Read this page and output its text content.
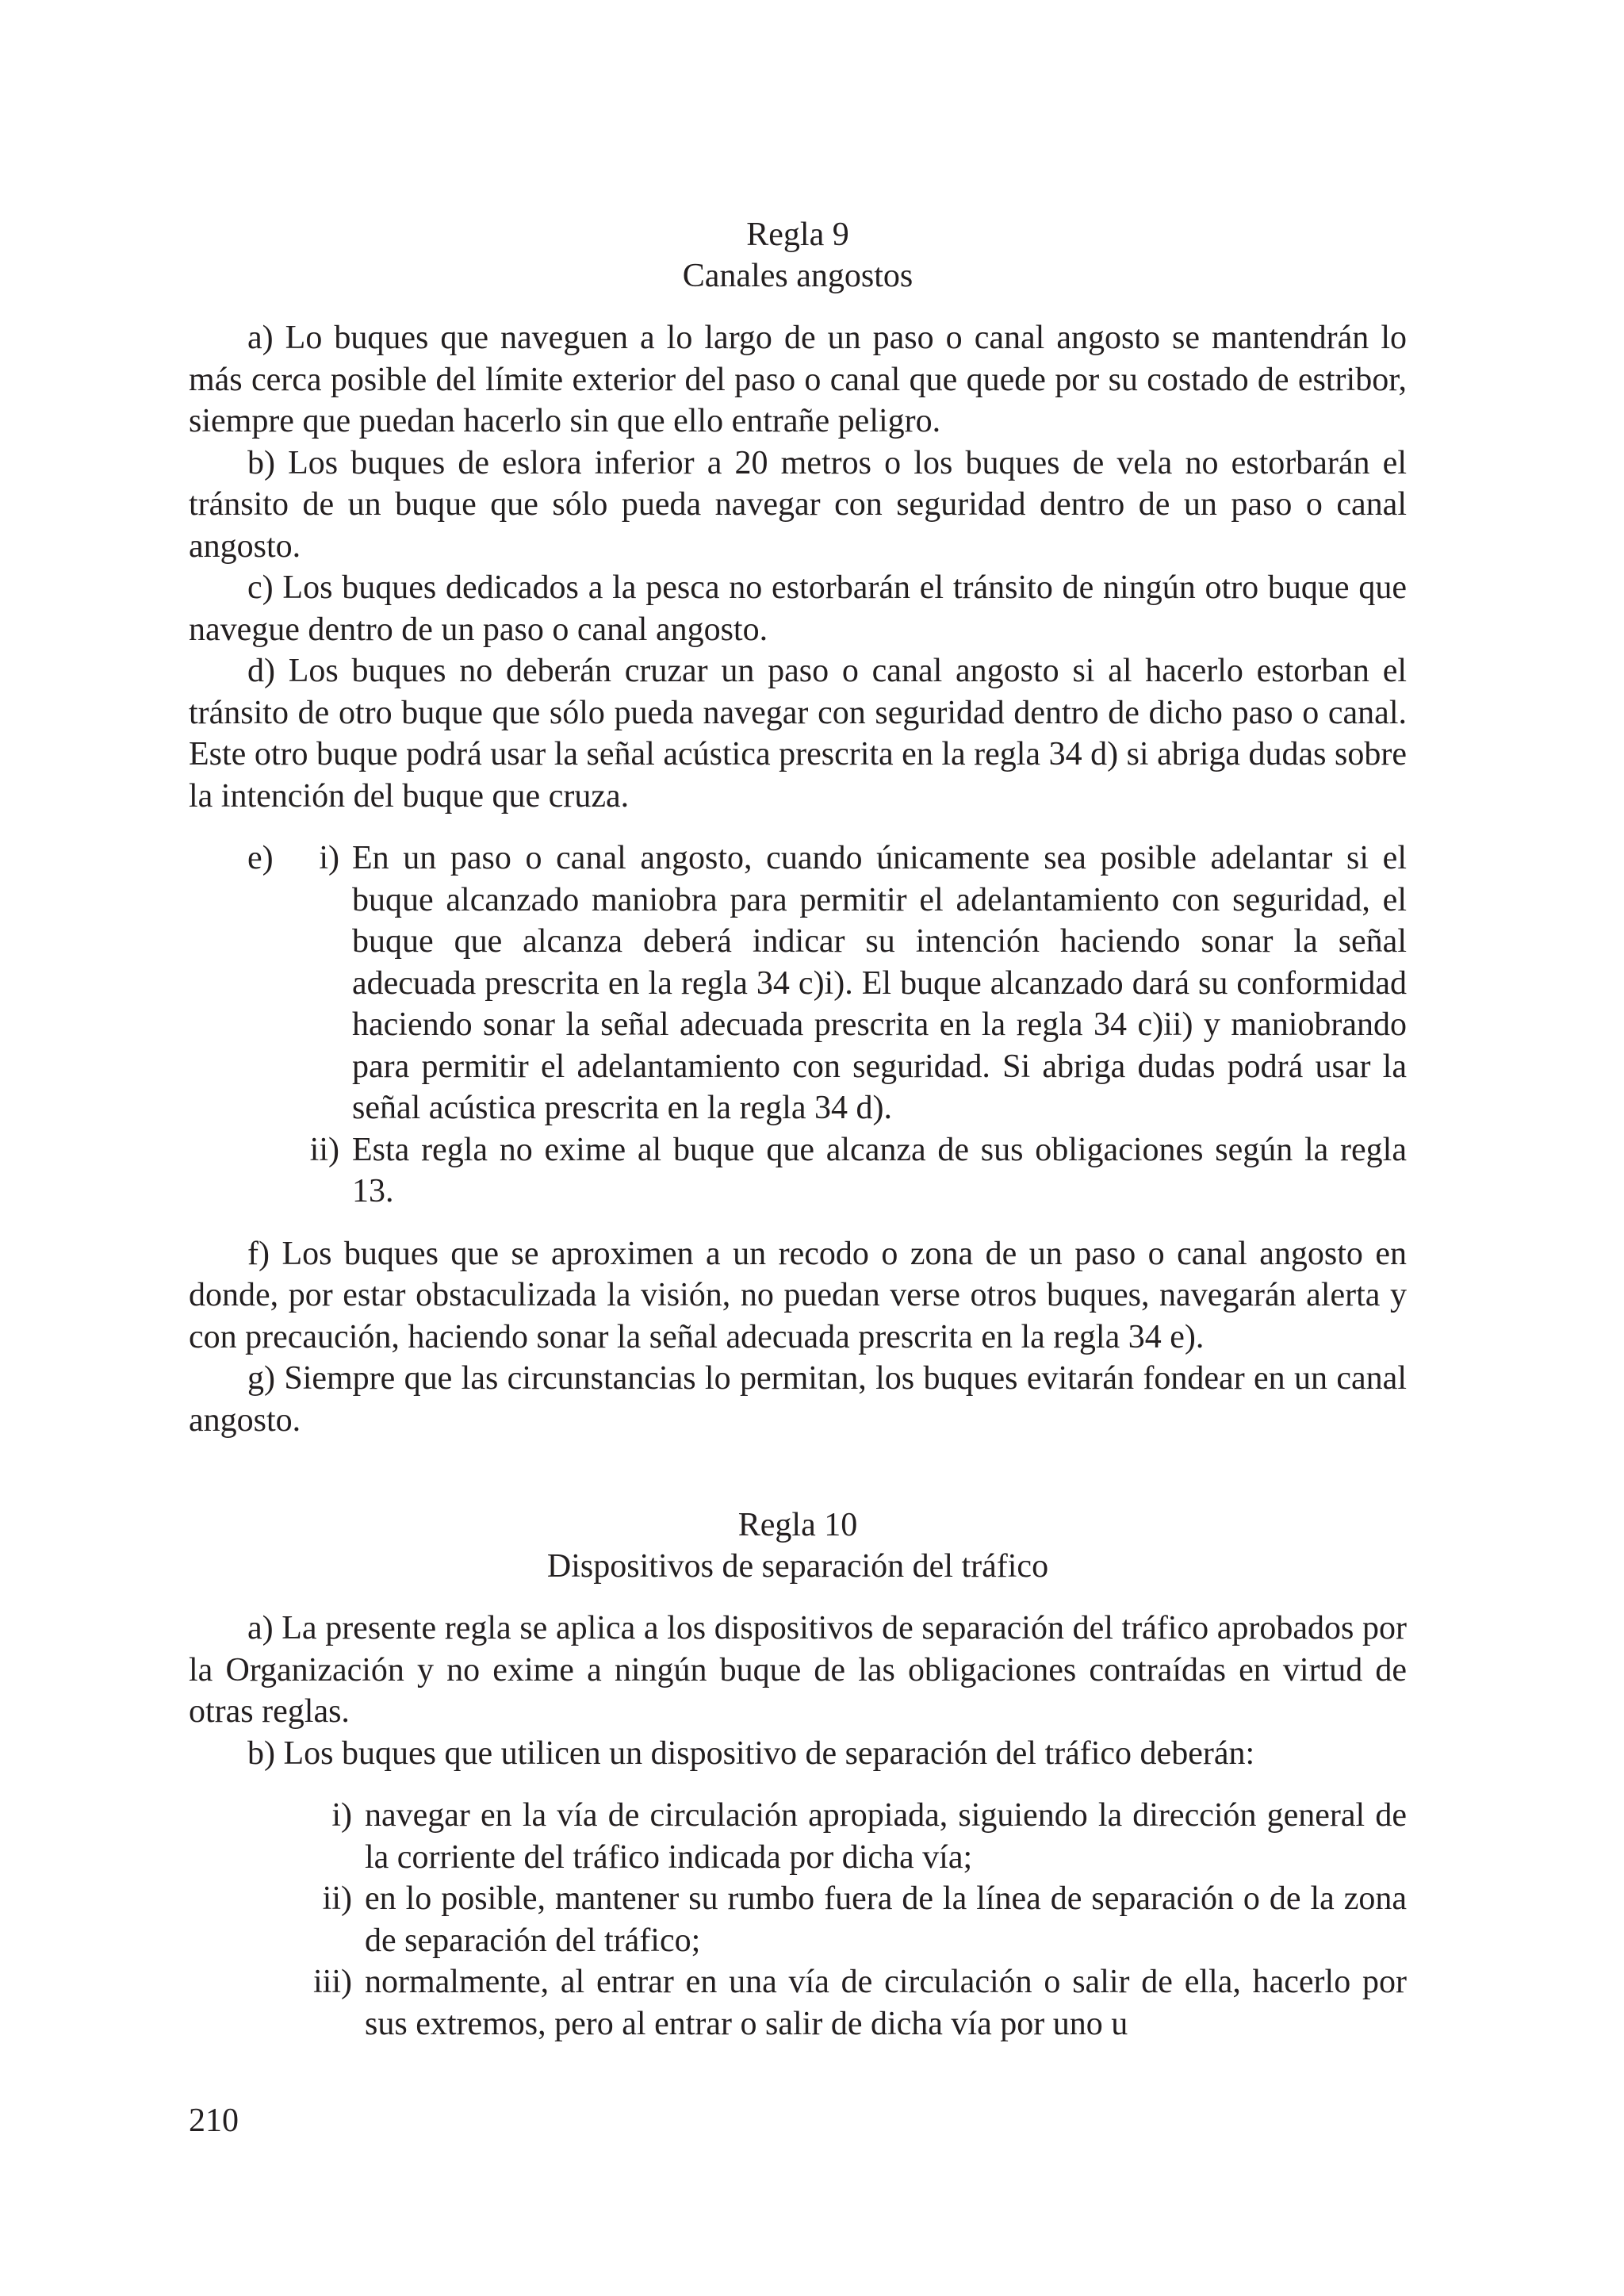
Regla 9
Canales angostos

a) Lo buques que naveguen a lo largo de un paso o canal angosto se mantendrán lo más cerca posible del límite exterior del paso o canal que quede por su costado de estribor, siempre que puedan hacerlo sin que ello entrañe peligro.

b) Los buques de eslora inferior a 20 metros o los buques de vela no estorbarán el tránsito de un buque que sólo pueda navegar con seguridad dentro de un paso o canal angosto.

c) Los buques dedicados a la pesca no estorbarán el tránsito de ningún otro buque que navegue dentro de un paso o canal angosto.

d) Los buques no deberán cruzar un paso o canal angosto si al hacerlo estorban el tránsito de otro buque que sólo pueda navegar con seguridad dentro de dicho paso o canal. Este otro buque podrá usar la señal acústica prescrita en la regla 34 d) si abriga dudas sobre la intención del buque que cruza.

e)	i) En un paso o canal angosto, cuando únicamente sea posible adelantar si el buque alcanzado maniobra para permitir el adelantamiento con seguridad, el buque que alcanza deberá indicar su intención haciendo sonar la señal adecuada prescrita en la regla 34 c)i). El buque alcanzado dará su conformidad haciendo sonar la señal adecuada prescrita en la regla 34 c)ii) y maniobrando para permitir el adelantamiento con seguridad. Si abriga dudas podrá usar la señal acústica prescrita en la regla 34 d).
ii) Esta regla no exime al buque que alcanza de sus obligaciones según la regla 13.

f) Los buques que se aproximen a un recodo o zona de un paso o canal angosto en donde, por estar obstaculizada la visión, no puedan verse otros buques, navegarán alerta y con precaución, haciendo sonar la señal adecuada prescrita en la regla 34 e).

g) Siempre que las circunstancias lo permitan, los buques evitarán fondear en un canal angosto.

Regla 10
Dispositivos de separación del tráfico

a) La presente regla se aplica a los dispositivos de separación del tráfico aprobados por la Organización y no exime a ningún buque de las obligaciones contraídas en virtud de otras reglas.

b) Los buques que utilicen un dispositivo de separación del tráfico deberán:

i) navegar en la vía de circulación apropiada, siguiendo la dirección general de la corriente del tráfico indicada por dicha vía;
ii) en lo posible, mantener su rumbo fuera de la línea de separación o de la zona de separación del tráfico;
iii) normalmente, al entrar en una vía de circulación o salir de ella, hacerlo por sus extremos, pero al entrar o salir de dicha vía por uno u
210
